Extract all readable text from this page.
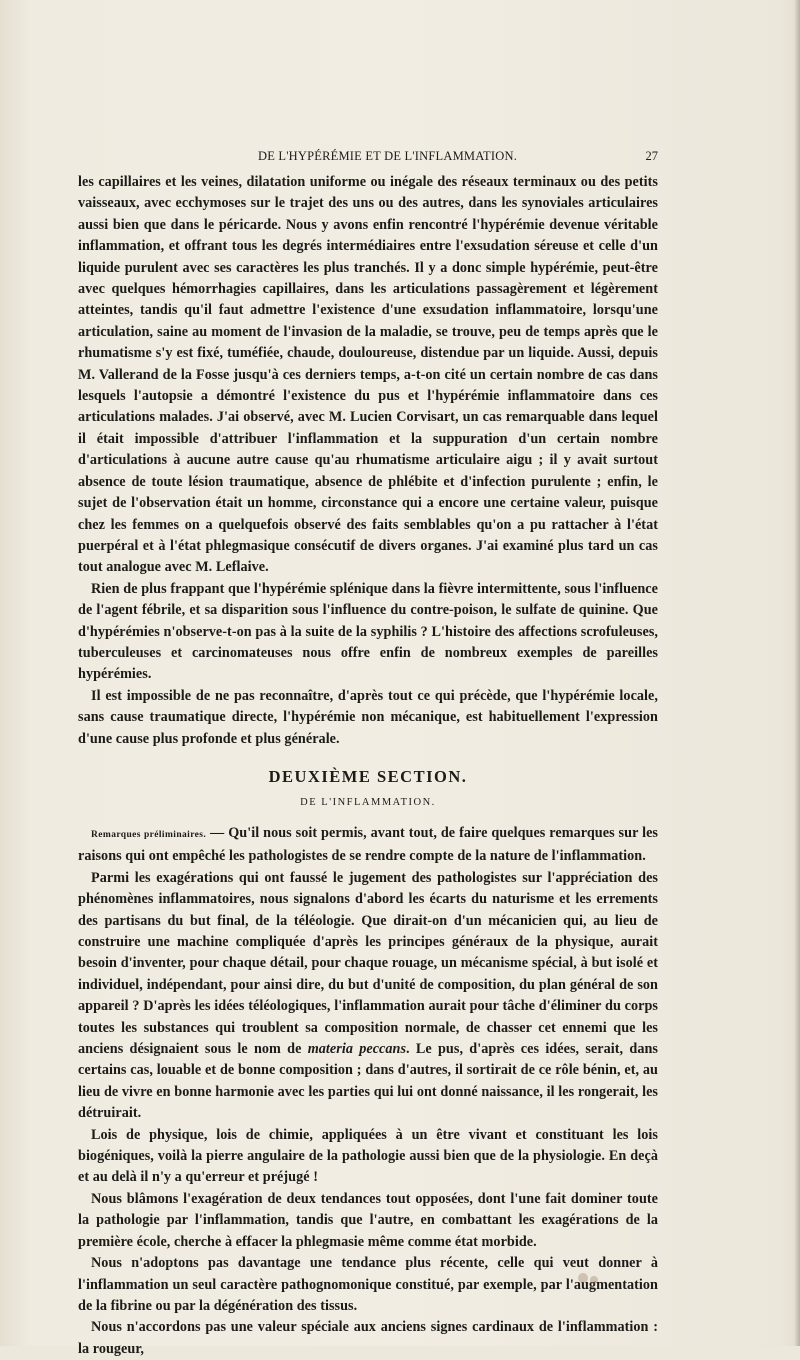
DE L'HYPÉRÉMIE ET DE L'INFLAMMATION.	27

les capillaires et les veines, dilatation uniforme ou inégale des réseaux terminaux ou des petits vaisseaux, avec ecchymoses sur le trajet des uns ou des autres, dans les synoviales articulaires aussi bien que dans le péricarde. Nous y avons enfin rencontré l'hypérémie devenue véritable inflammation, et offrant tous les degrés intermédiaires entre l'exsudation séreuse et celle d'un liquide purulent avec ses caractères les plus tranchés. Il y a donc simple hypérémie, peut-être avec quelques hémorrhagies capillaires, dans les articulations passagèrement et légèrement atteintes, tandis qu'il faut admettre l'existence d'une exsudation inflammatoire, lorsqu'une articulation, saine au moment de l'invasion de la maladie, se trouve, peu de temps après que le rhumatisme s'y est fixé, tuméfiée, chaude, douloureuse, distendue par un liquide. Aussi, depuis M. Vallerand de la Fosse jusqu'à ces derniers temps, a-t-on cité un certain nombre de cas dans lesquels l'autopsie a démontré l'existence du pus et l'hypérémie inflammatoire dans ces articulations malades. J'ai observé, avec M. Lucien Corvisart, un cas remarquable dans lequel il était impossible d'attribuer l'inflammation et la suppuration d'un certain nombre d'articulations à aucune autre cause qu'au rhumatisme articulaire aigu ; il y avait surtout absence de toute lésion traumatique, absence de phlébite et d'infection purulente ; enfin, le sujet de l'observation était un homme, circonstance qui a encore une certaine valeur, puisque chez les femmes on a quelquefois observé des faits semblables qu'on a pu rattacher à l'état puerpéral et à l'état phlegmasique consécutif de divers organes. J'ai examiné plus tard un cas tout analogue avec M. Leflaive.

Rien de plus frappant que l'hypérémie splénique dans la fièvre intermittente, sous l'influence de l'agent fébrile, et sa disparition sous l'influence du contre-poison, le sulfate de quinine. Que d'hypérémies n'observe-t-on pas à la suite de la syphilis ? L'histoire des affections scrofuleuses, tuberculeuses et carcinomateuses nous offre enfin de nombreux exemples de pareilles hypérémies.

Il est impossible de ne pas reconnaître, d'après tout ce qui précède, que l'hypérémie locale, sans cause traumatique directe, l'hypérémie non mécanique, est habituellement l'expression d'une cause plus profonde et plus générale.

DEUXIÈME SECTION.
DE L'INFLAMMATION.

Remarques préliminaires. — Qu'il nous soit permis, avant tout, de faire quelques remarques sur les raisons qui ont empêché les pathologistes de se rendre compte de la nature de l'inflammation.

Parmi les exagérations qui ont faussé le jugement des pathologistes sur l'appréciation des phénomènes inflammatoires, nous signalons d'abord les écarts du naturisme et les errements des partisans du but final, de la téléologie. Que dirait-on d'un mécanicien qui, au lieu de construire une machine compliquée d'après les principes généraux de la physique, aurait besoin d'inventer, pour chaque détail, pour chaque rouage, un mécanisme spécial, à but isolé et individuel, indépendant, pour ainsi dire, du but d'unité de composition, du plan général de son appareil ? D'après les idées téléologiques, l'inflammation aurait pour tâche d'éliminer du corps toutes les substances qui troublent sa composition normale, de chasser cet ennemi que les anciens désignaient sous le nom de materia peccans. Le pus, d'après ces idées, serait, dans certains cas, louable et de bonne composition ; dans d'autres, il sortirait de ce rôle bénin, et, au lieu de vivre en bonne harmonie avec les parties qui lui ont donné naissance, il les rongerait, les détruirait.

Lois de physique, lois de chimie, appliquées à un être vivant et constituant les lois biogéniques, voilà la pierre angulaire de la pathologie aussi bien que de la physiologie. En deçà et au delà il n'y a qu'erreur et préjugé !

Nous blâmons l'exagération de deux tendances tout opposées, dont l'une fait dominer toute la pathologie par l'inflammation, tandis que l'autre, en combattant les exagérations de la première école, cherche à effacer la phlegmasie même comme état morbide.

Nous n'adoptons pas davantage une tendance plus récente, celle qui veut donner à l'inflammation un seul caractère pathognomonique constitué, par exemple, par l'augmentation de la fibrine ou par la dégénération des tissus.

Nous n'accordons pas une valeur spéciale aux anciens signes cardinaux de l'inflammation : la rougeur,
